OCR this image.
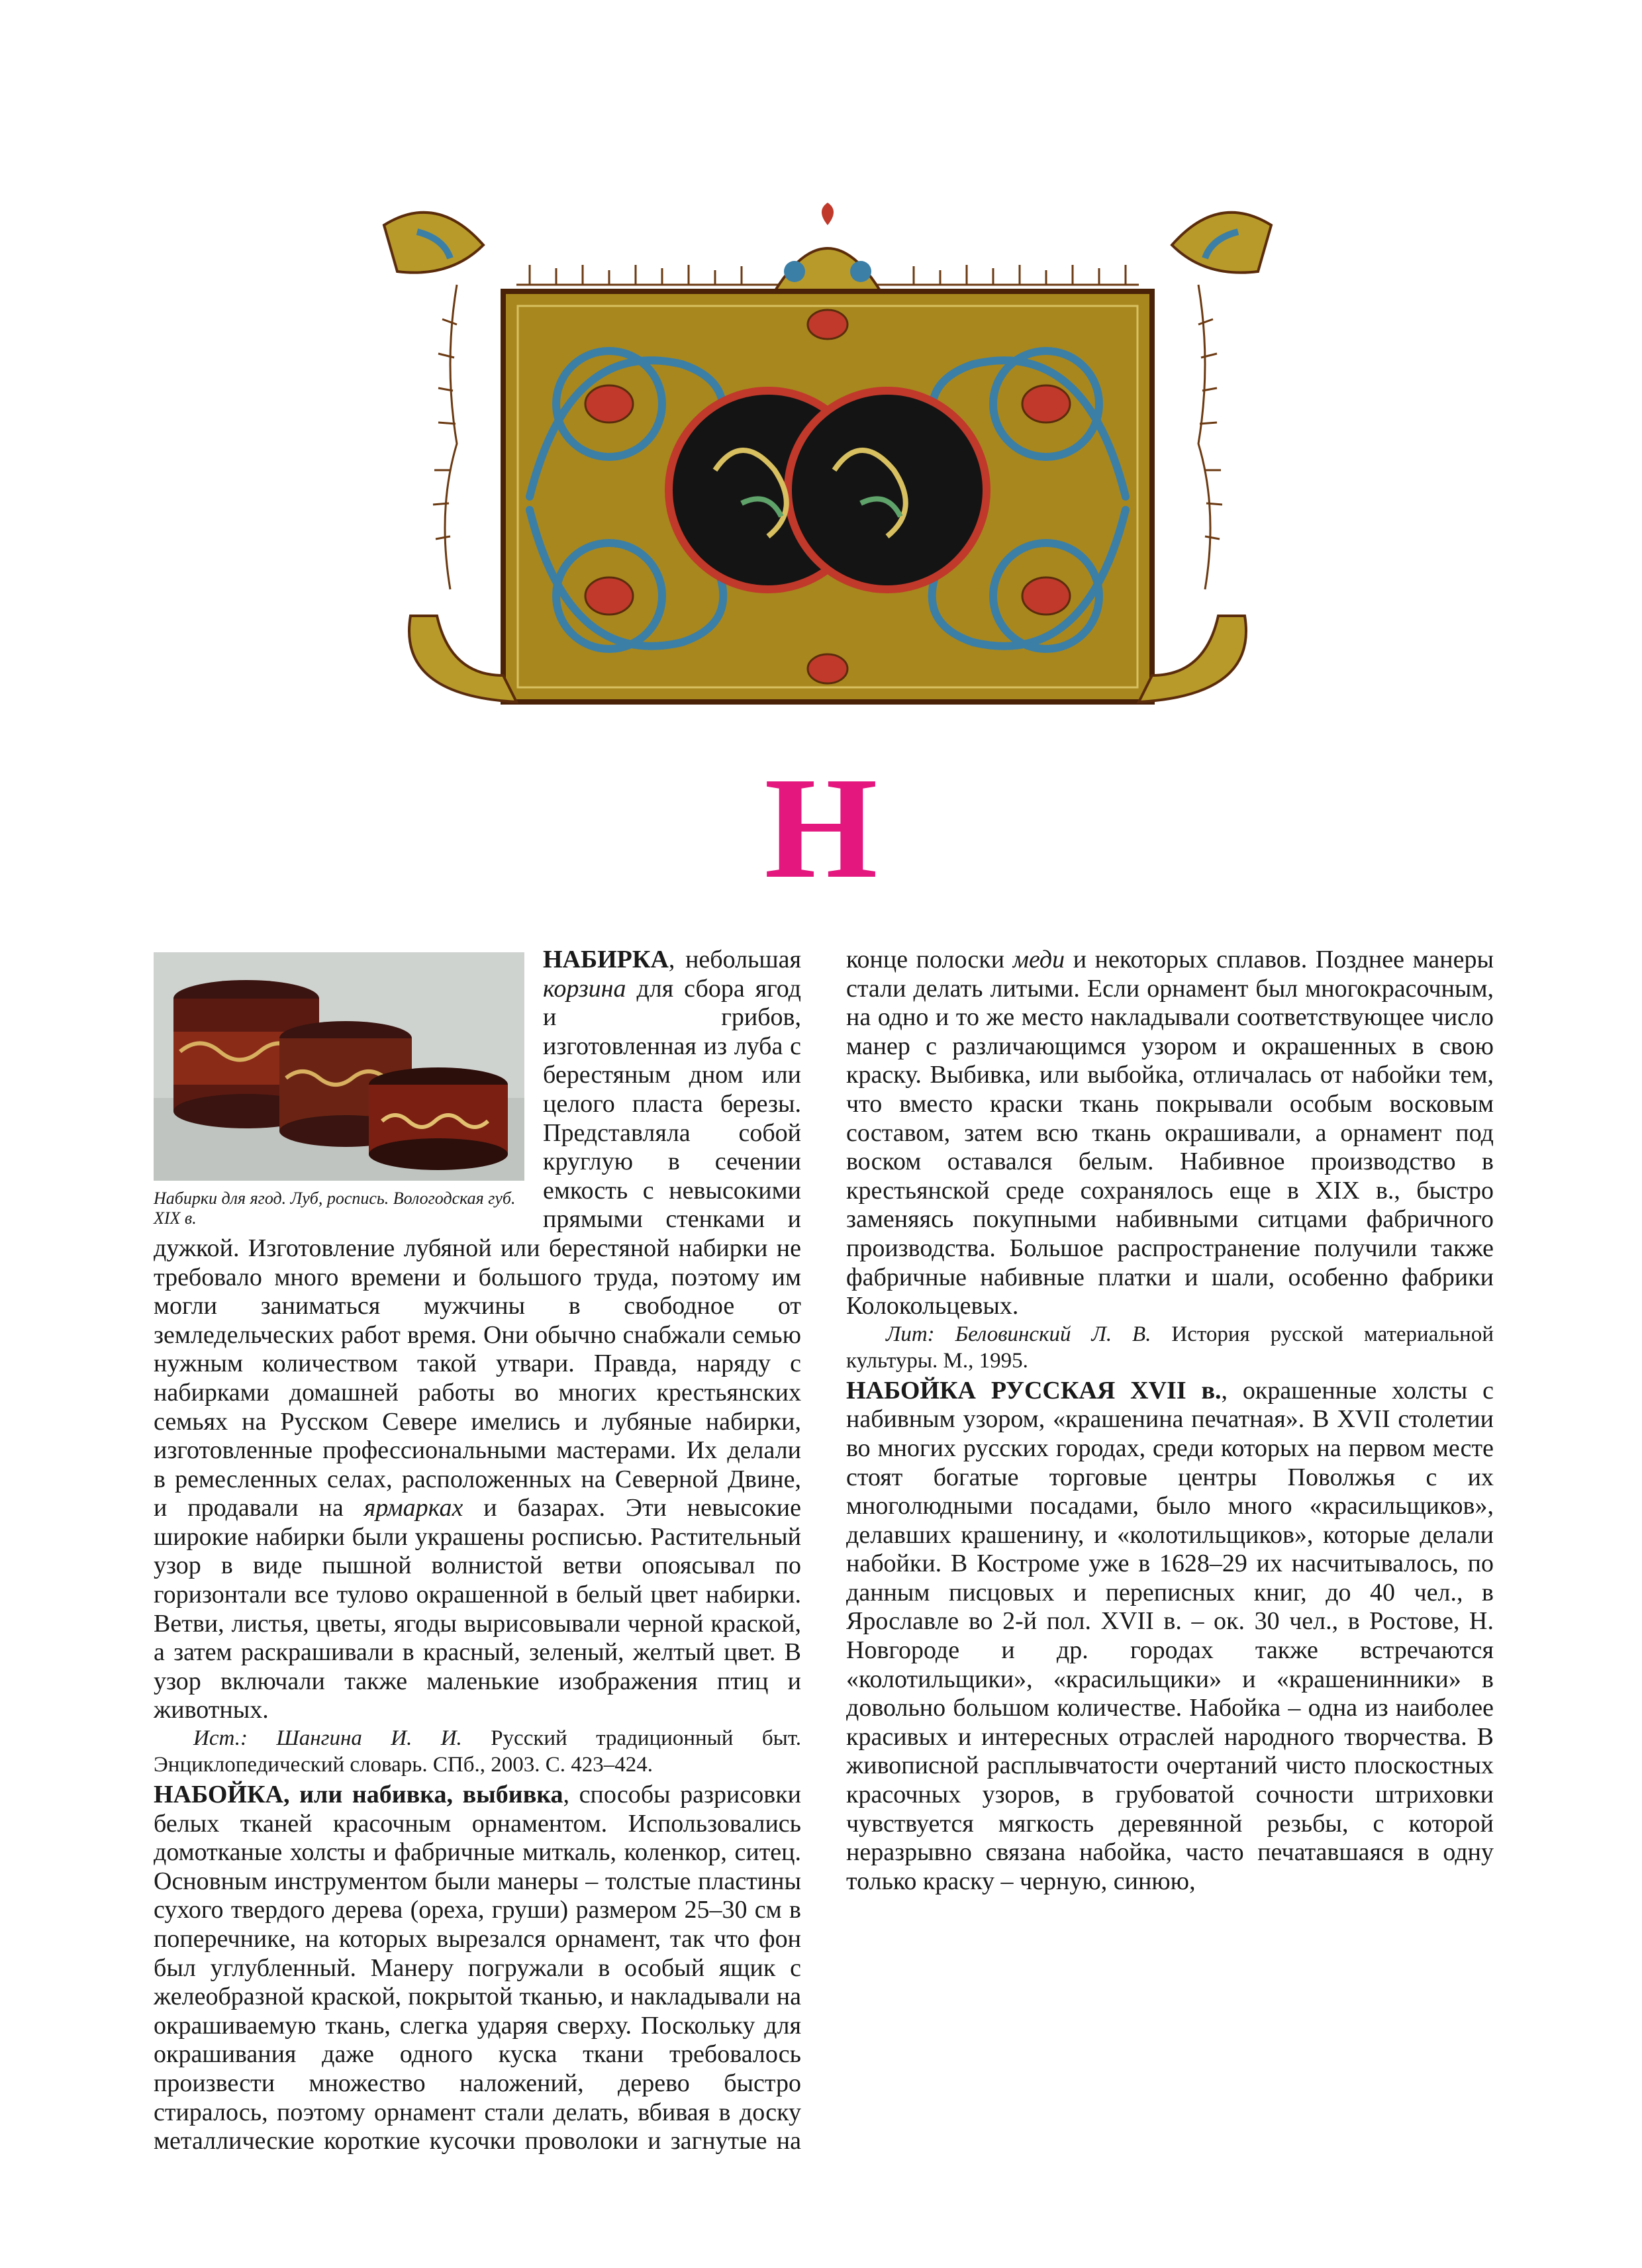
Н
Набирки для ягод. Луб, роспись. Вологодская губ. XIX в.

НАБИРКА, небольшая корзина для сбора ягод и грибов, изготовленная из луба с берестяным дном или целого пласта березы. Представляла собой круглую в сечении емкость с невысокими прямыми стенками и дужкой. Изготовление лубяной или берестяной набирки не требовало много времени и большого труда, поэтому им могли заниматься мужчины в свободное от земледельческих работ время. Они обычно снабжали семью нужным количеством такой утвари. Правда, наряду с набирками домашней работы во многих крестьянских семьях на Русском Севере имелись и лубяные набирки, изготовленные профессиональными мастерами. Их делали в ремесленных селах, расположенных на Северной Двине, и продавали на ярмарках и базарах. Эти невысокие широкие набирки были украшены росписью. Растительный узор в виде пышной волнистой ветви опоясывал по горизонтали все тулово окрашенной в белый цвет набирки. Ветви, листья, цветы, ягоды вырисовывали черной краской, а затем раскрашивали в красный, зеленый, желтый цвет. В узор включали также маленькие изображения птиц и животных.

Ист.: Шангина И. И. Русский традиционный быт. Энциклопедический словарь. СПб., 2003. С. 423–424.

НАБОЙКА, или набивка, выбивка, способы разрисовки белых тканей красочным орнаментом. Использовались домотканые холсты и фабричные миткаль, коленкор, ситец. Основным инструментом были манеры – толстые пластины сухого твердого дерева (ореха, груши) размером 25–30 см в поперечнике, на которых вырезался орнамент, так что фон был углубленный. Манеру погружали в особый ящик с желеобразной краской, покрытой тканью, и накладывали на окрашиваемую ткань, слегка ударяя сверху. Поскольку для окрашивания даже одного куска ткани требовалось произвести множество наложений, дерево быстро стиралось, поэтому орнамент стали делать, вбивая в доску металлические короткие кусочки проволоки и загнутые на конце полоски меди и некоторых сплавов. Позднее манеры стали делать литыми. Если орнамент был многокрасочным, на одно и то же место накладывали соответствующее число манер с различающимся узором и окрашенных в свою краску. Выбивка, или выбойка, отличалась от набойки тем, что вместо краски ткань покрывали особым восковым составом, затем всю ткань окрашивали, а орнамент под воском оставался белым. Набивное производство в крестьянской среде сохранялось еще в XIX в., быстро заменяясь покупными набивными ситцами фабричного производства. Большое распространение получили также фабричные набивные платки и шали, особенно фабрики Колокольцевых.

Лит: Беловинский Л. В. История русской материальной культуры. М., 1995.

НАБОЙКА РУССКАЯ XVII в., окрашенные холсты с набивным узором, «крашенина печатная». В XVII столетии во многих русских городах, среди которых на первом месте стоят богатые торговые центры Поволжья с их многолюдными посадами, было много «красильщиков», делавших крашенину, и «колотильщиков», которые делали набойки. В Костроме уже в 1628–29 их насчитывалось, по данным писцовых и переписных книг, до 40 чел., в Ярославле во 2-й пол. XVII в. – ок. 30 чел., в Ростове, Н. Новгороде и др. городах также встречаются «колотильщики», «красильщики» и «крашенинники» в довольно большом количестве. Набойка – одна из наиболее красивых и интересных отраслей народного творчества. В живописной расплывчатости очертаний чисто плоскостных красочных узоров, в грубоватой сочности штриховки чувствуется мягкость деревянной резьбы, с которой неразрывно связана набойка, часто печатавшаяся в одну только краску – черную, синюю,
